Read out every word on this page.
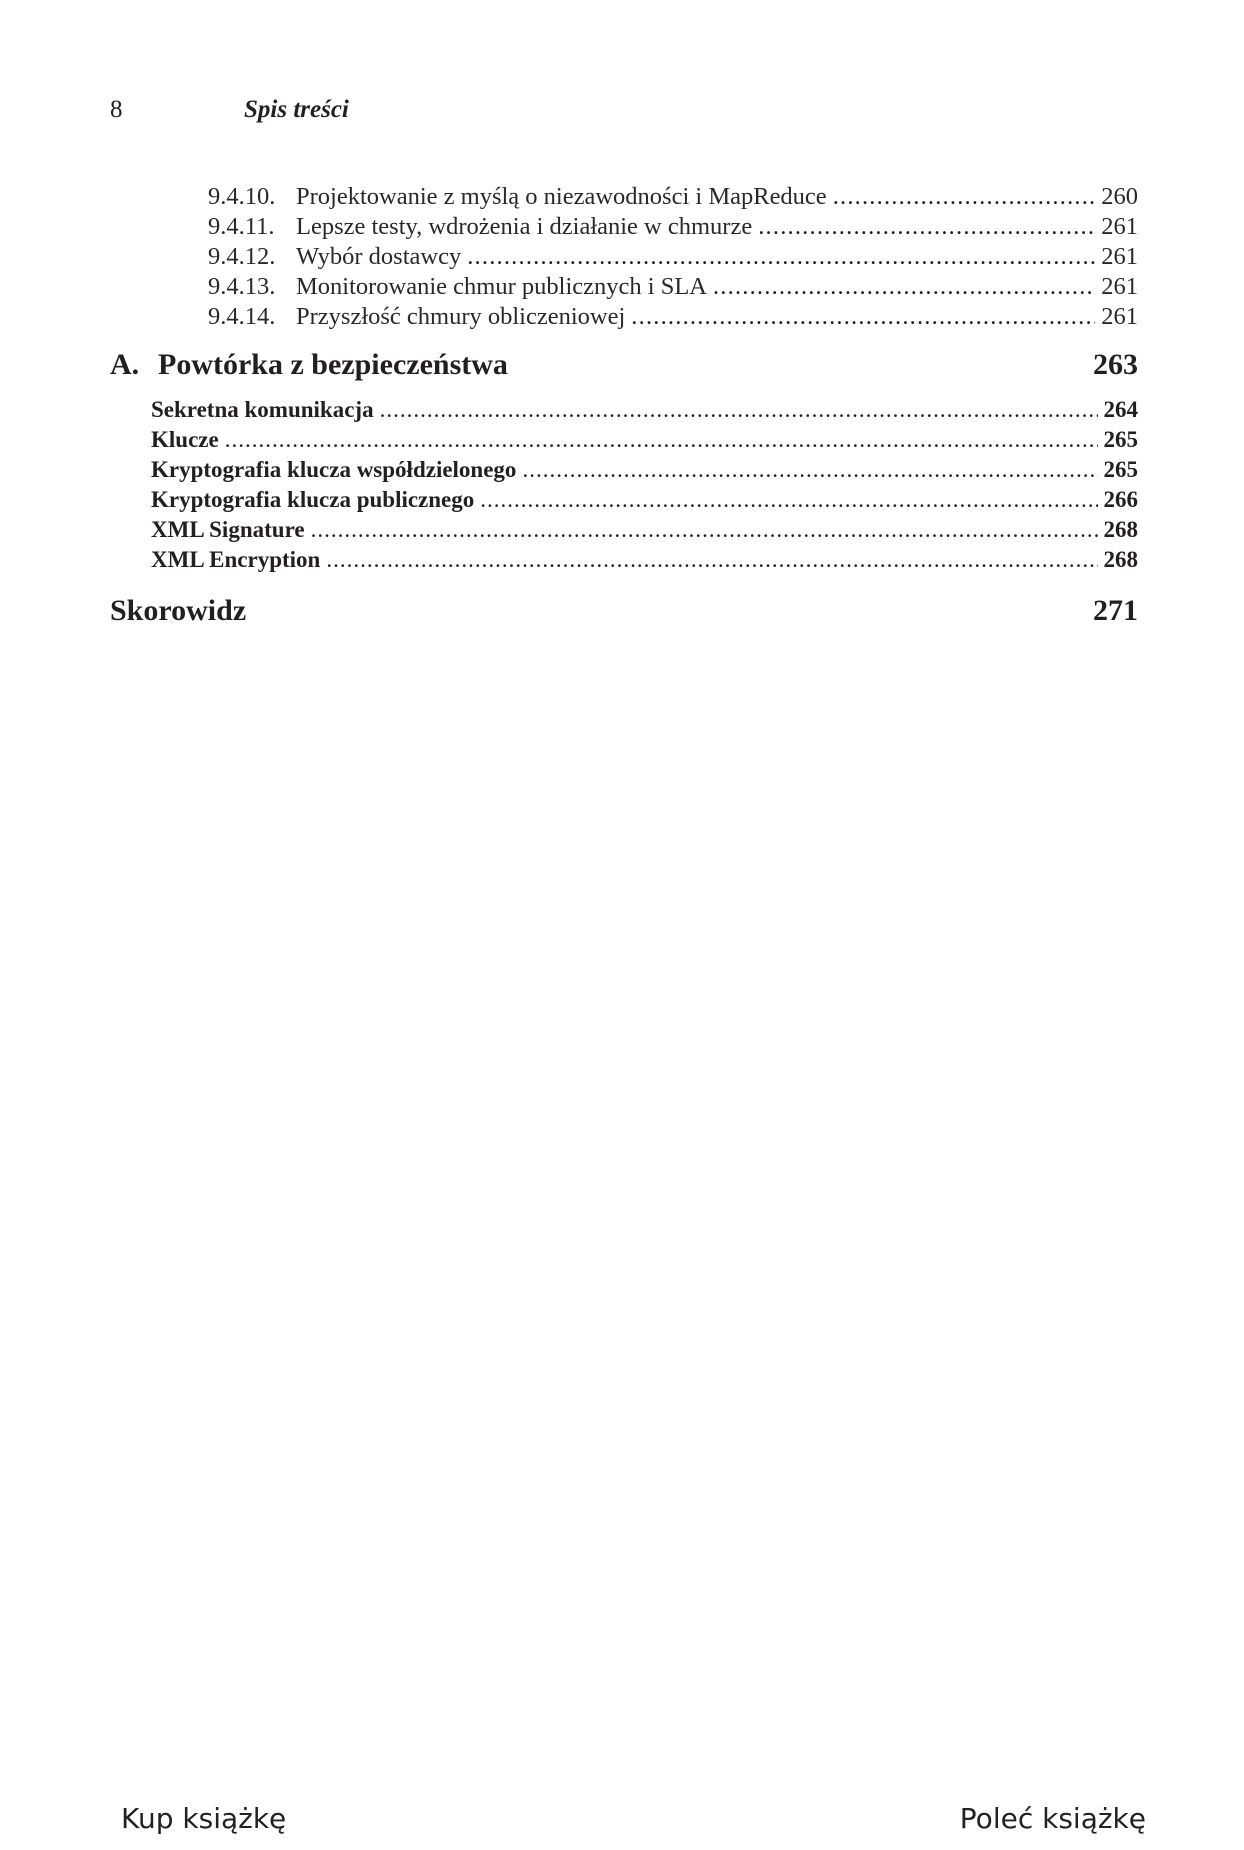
8	Spis treści
9.4.10. Projektowanie z myślą o niezawodności i MapReduce .....	260
9.4.11. Lepsze testy, wdrożenia i działanie w chmurze .....	261
9.4.12. Wybór dostawcy .....	261
9.4.13. Monitorowanie chmur publicznych i SLA .....	261
9.4.14. Przyszłość chmury obliczeniowej .....	261
A. Powtórka z bezpieczeństwa	263
Sekretna komunikacja .....	264
Klucze .....	265
Kryptografia klucza współdzielonego .....	265
Kryptografia klucza publicznego .....	266
XML Signature .....	268
XML Encryption .....	268
Skorowidz	271
Kup książkę	Poleć książkę
